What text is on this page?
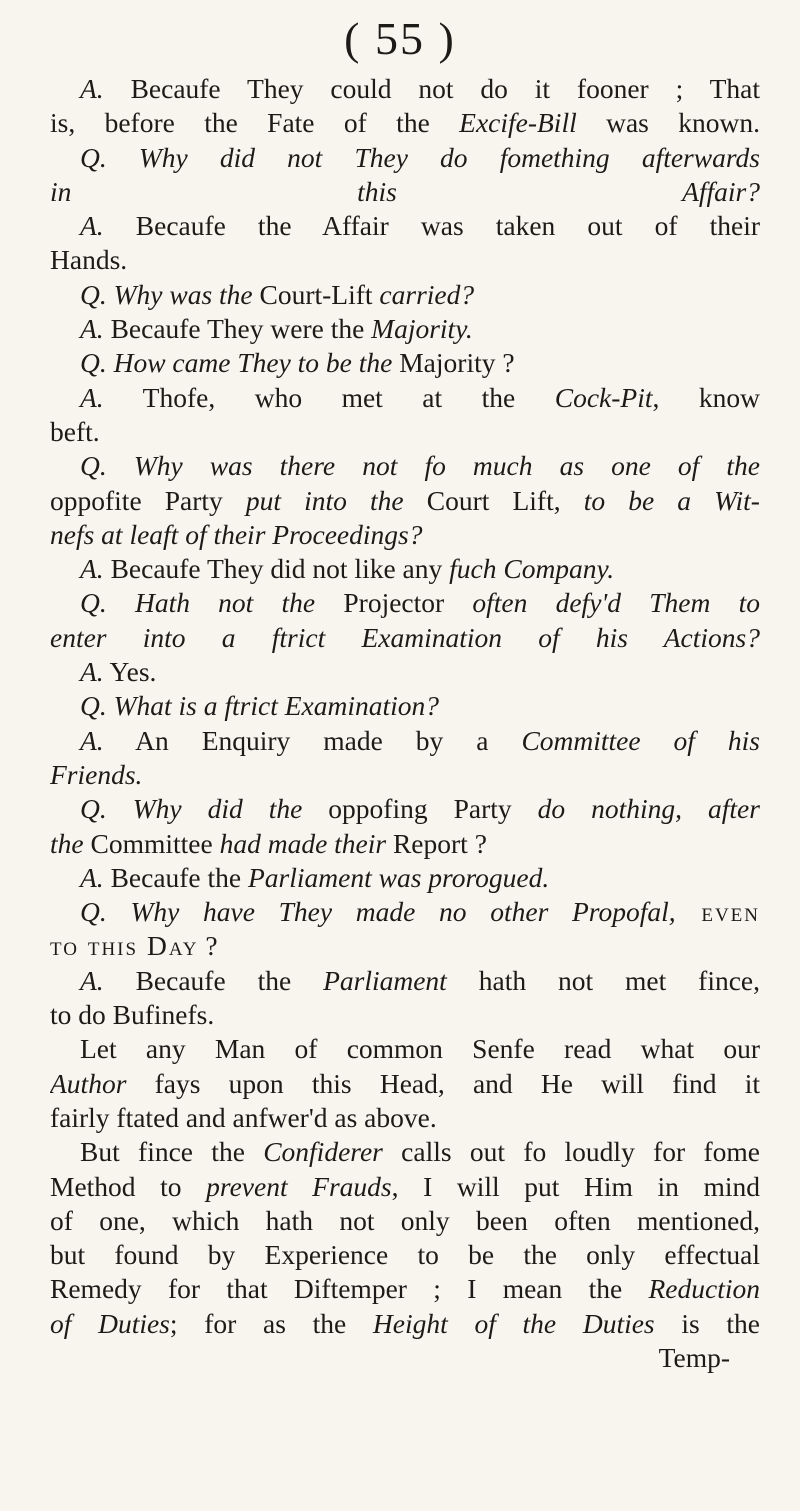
( 55 )
A. Becaufe They could not do it fooner ; That
is, before the Fate of the Excife-Bill was known.
Q. Why did not They do fomething afterwards
in this Affair?
A. Becaufe the Affair was taken out of their
Hands.
Q. Why was the Court-Lift carried?
A. Becaufe They were the Majority.
Q. How came They to be the Majority ?
A. Thofe, who met at the Cock-Pit, know
beft.
Q. Why was there not fo much as one of the
oppofite Party put into the Court Lift, to be a Wit-
nefs at leaft of their Proceedings?
A. Becaufe They did not like any fuch Company.
Q. Hath not the Projector often defy'd Them to
enter into a ftrict Examination of his Actions?
A. Yes.
Q. What is a ftrict Examination?
A. An Enquiry made by a Committee of his
Friends.
Q. Why did the oppofing Party do nothing, after
the Committee had made their Report ?
A. Becaufe the Parliament was prorogued.
Q. Why have They made no other Propofal, even
to this Day ?
A. Becaufe the Parliament hath not met fince,
to do Bufinefs.
Let any Man of common Senfe read what our
Author fays upon this Head, and He will find it
fairly ftated and anfwer'd as above.
But fince the Confiderer calls out fo loudly for fome
Method to prevent Frauds, I will put Him in mind
of one, which hath not only been often mentioned,
but found by Experience to be the only effectual
Remedy for that Diftemper ; I mean the Reduction
of Duties; for as the Height of the Duties is the
Temp-
